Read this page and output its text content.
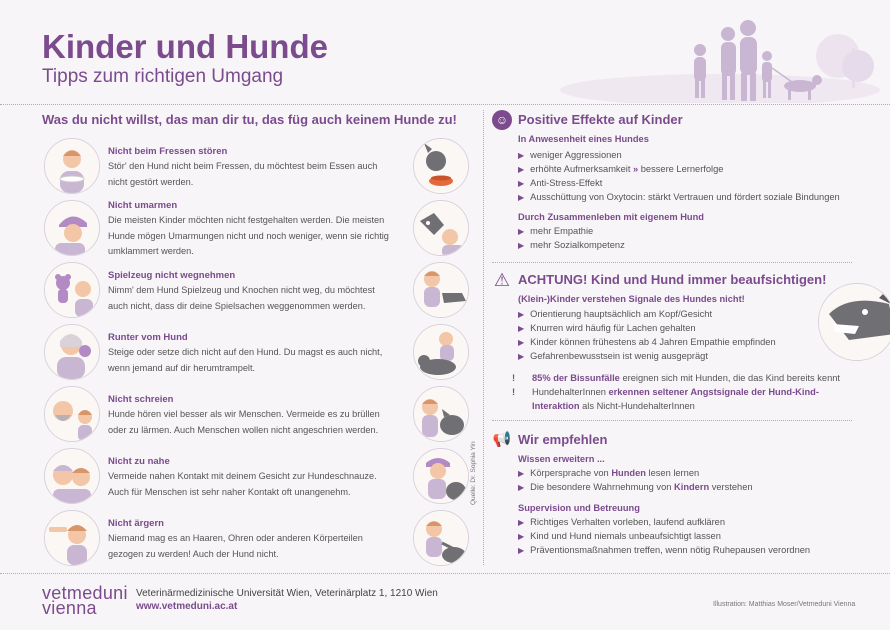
Kinder und Hunde
Tipps zum richtigen Umgang
Was du nicht willst, das man dir tu, das füg auch keinem Hunde zu!
Nicht beim Fressen stören
Stör' den Hund nicht beim Fressen, du möchtest beim Essen auch
nicht gestört werden.
Nicht umarmen
Die meisten Kinder möchten nicht festgehalten werden. Die meisten
Hunde mögen Umarmungen nicht und noch weniger, wenn sie richtig
umklammert werden.
Spielzeug nicht wegnehmen
Nimm' dem Hund Spielzeug und Knochen nicht weg, du möchtest
auch nicht, dass dir deine Spielsachen weggenommen werden.
Runter vom Hund
Steige oder setze dich nicht auf den Hund. Du magst es auch nicht,
wenn jemand auf dir herumtrampelt.
Nicht schreien
Hunde hören viel besser als wir Menschen. Vermeide es zu brüllen
oder zu lärmen. Auch Menschen wollen nicht angeschrien werden.
Nicht zu nahe
Vermeide nahen Kontakt mit deinem Gesicht zur Hundeschnauze.
Auch für Menschen ist sehr naher Kontakt oft unangenehm.
Nicht ärgern
Niemand mag es an Haaren, Ohren oder anderen Körperteilen
gezogen zu werden! Auch der Hund nicht.
Quelle: Dr. Sophia Yin
☺ Positive Effekte auf Kinder
In Anwesenheit eines Hundes
▶ weniger Aggressionen
▶ erhöhte Aufmerksamkeit » bessere Lernerfolge
▶ Anti-Stress-Effekt
▶ Ausschüttung von Oxytocin: stärkt Vertrauen und fördert soziale Bindungen
Durch Zusammenleben mit eigenem Hund
▶ mehr Empathie
▶ mehr Sozialkompetenz
⚠ ACHTUNG! Kind und Hund immer beaufsichtigen!
(Klein-)Kinder verstehen Signale des Hundes nicht!
▶ Orientierung hauptsächlich am Kopf/Gesicht
▶ Knurren wird häufig für Lachen gehalten
▶ Kinder können frühestens ab 4 Jahren Empathie empfinden
▶ Gefahrenbewusstsein ist wenig ausgeprägt
! 85% der Bissunfälle ereignen sich mit Hunden, die das Kind bereits kennt
! HundehalterInnen erkennen seltener Angstsignale der Hund-Kind-Interaktion als Nicht-HundehalterInnen
📢 Wir empfehlen
Wissen erweitern ...
▶ Körpersprache von Hunden lesen lernen
▶ Die besondere Wahrnehmung von Kindern verstehen
Supervision und Betreuung
▶ Richtiges Verhalten vorleben, laufend aufklären
▶ Kind und Hund niemals unbeaufsichtigt lassen
▶ Präventionsmaßnahmen treffen, wenn nötig Ruhepausen verordnen
vetmeduni
vienna
Veterinärmedizinische Universität Wien, Veterinärplatz 1, 1210 Wien
www.vetmeduni.ac.at	Illustration: Matthias Moser/Vetmeduni Vienna
